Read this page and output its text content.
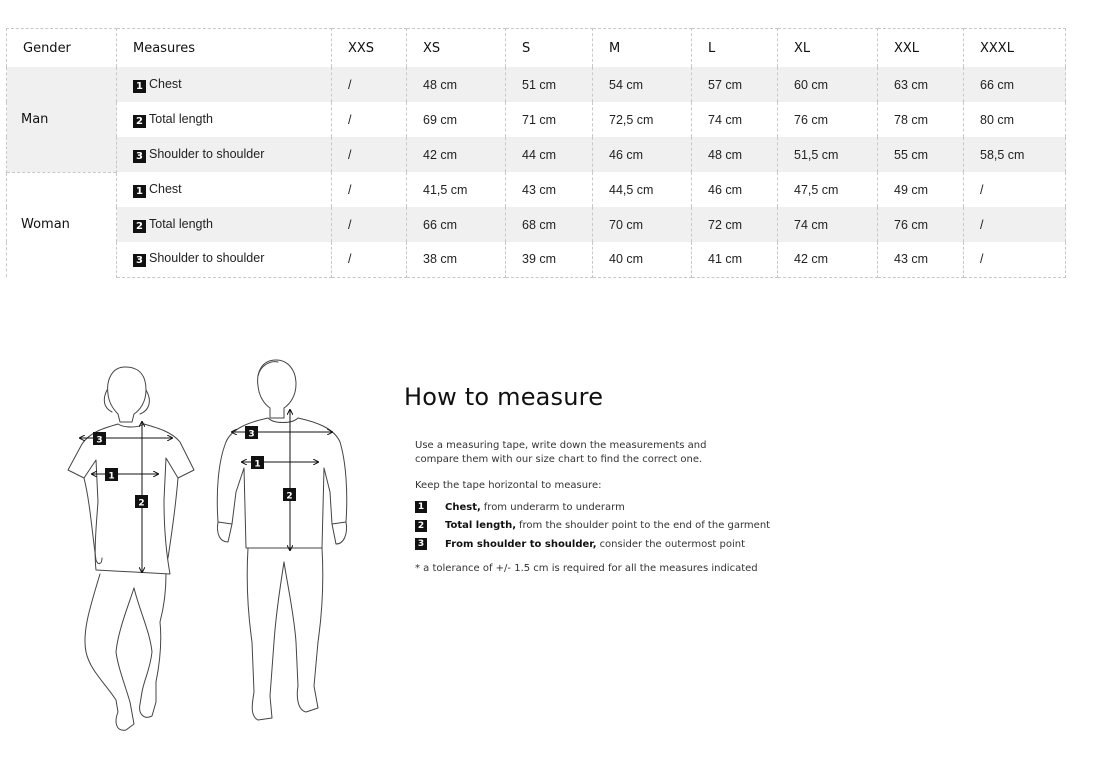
Gender	Measures	XXS	XS	S	M	L	XL	XXL	XXXL
Man	1 Chest	/	48 cm	51 cm	54 cm	57 cm	60 cm	63 cm	66 cm
	2 Total length	/	69 cm	71 cm	72,5 cm	74 cm	76 cm	78 cm	80 cm
	3 Shoulder to shoulder	/	42 cm	44 cm	46 cm	48 cm	51,5 cm	55 cm	58,5 cm
Woman	1 Chest	/	41,5 cm	43 cm	44,5 cm	46 cm	47,5 cm	49 cm	/
	2 Total length	/	66 cm	68 cm	70 cm	72 cm	74 cm	76 cm	/
	3 Shoulder to shoulder	/	38 cm	39 cm	40 cm	41 cm	42 cm	43 cm	/
3
1
2
3
1
2
How to measure

Use a measuring tape, write down the measurements and

compare them with our size chart to find the correct one.

Keep the tape horizontal to measure:

1 Chest, from underarm to underarm
2 Total length, from the shoulder point to the end of the garment
3 From shoulder to shoulder, consider the outermost point

* a tolerance of +/- 1.5 cm is required for all the measures indicated
